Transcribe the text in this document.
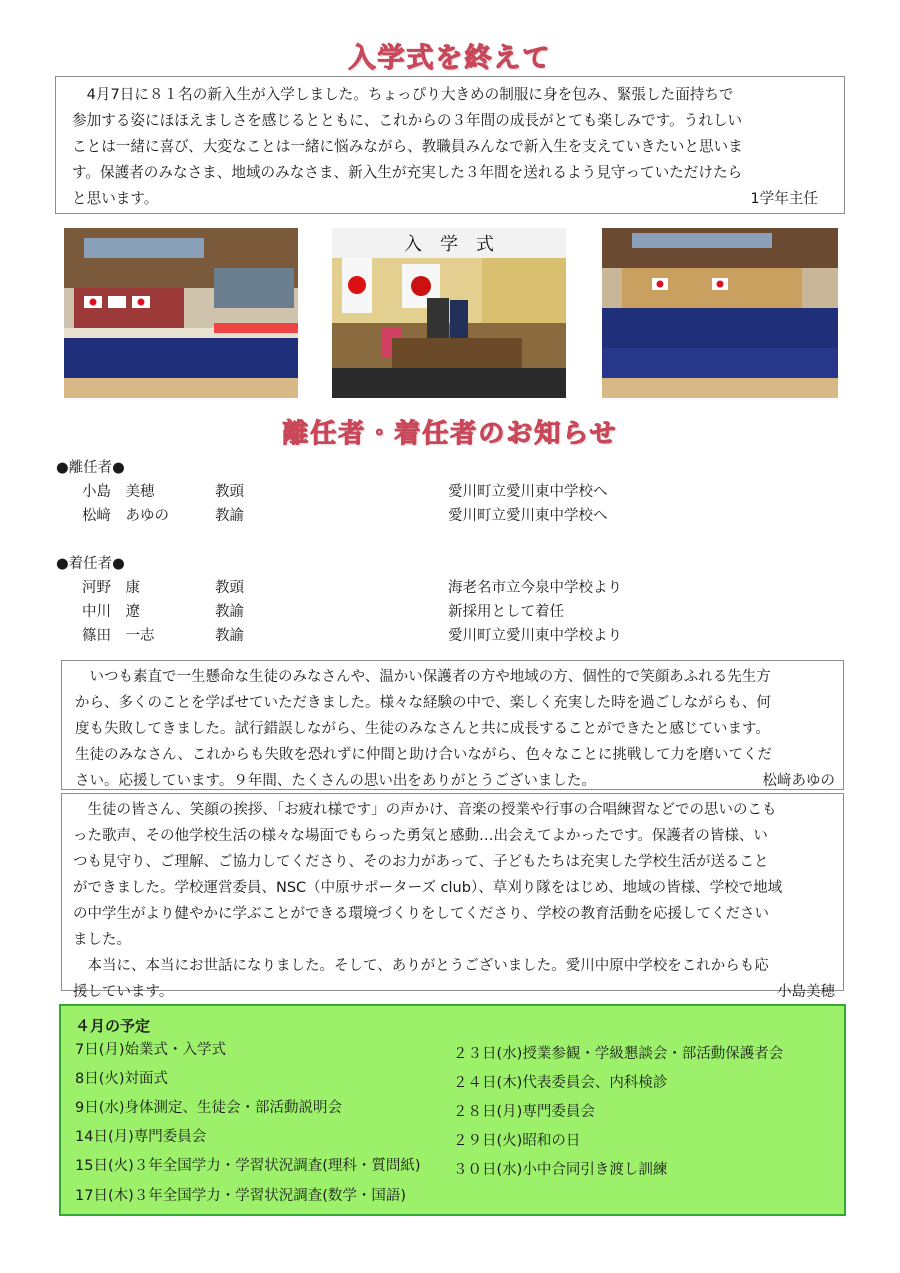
入学式を終えて

4月7日に８１名の新入生が入学しました。ちょっぴり大きめの制服に身を包み、緊張した面持ちで

参加する姿にほほえましさを感じるとともに、これからの３年間の成長がとても楽しみです。うれしい

ことは一緒に喜び、大変なことは一緒に悩みながら、教職員みんなで新入生を支えていきたいと思いま

す。保護者のみなさま、地域のみなさま、新入生が充実した３年間を送れるよう見守っていただけたら

と思います。	1学年主任

入　学　式
離任者・着任者のお知らせ
●離任者●
小島　美穂	教頭	愛川町立愛川東中学校へ
松﨑　あゆの	教諭	愛川町立愛川東中学校へ
●着任者●
河野　康	教頭	海老名市立今泉中学校より
中川　遼	教諭	新採用として着任
篠田　一志	教諭	愛川町立愛川東中学校より

いつも素直で一生懸命な生徒のみなさんや、温かい保護者の方や地域の方、個性的で笑顔あふれる先生方

から、多くのことを学ばせていただきました。様々な経験の中で、楽しく充実した時を過ごしながらも、何

度も失敗してきました。試行錯誤しながら、生徒のみなさんと共に成長することができたと感じています。

生徒のみなさん、これからも失敗を恐れずに仲間と助け合いながら、色々なことに挑戦して力を磨いてくだ

さい。応援しています。９年間、たくさんの思い出をありがとうございました。	松﨑あゆの

生徒の皆さん、笑顔の挨拶、「お疲れ様です」の声かけ、音楽の授業や行事の合唱練習などでの思いのこも

った歌声、その他学校生活の様々な場面でもらった勇気と感動…出会えてよかったです。保護者の皆様、い

つも見守り、ご理解、ご協力してくださり、そのお力があって、子どもたちは充実した学校生活が送ること

ができました。学校運営委員、NSC（中原サポーターズ club）、草刈り隊をはじめ、地域の皆様、学校で地域

の中学生がより健やかに学ぶことができる環境づくりをしてくださり、学校の教育活動を応援してください

ました。

本当に、本当にお世話になりました。そして、ありがとうございました。愛川中原中学校をこれからも応

援しています。	小島美穂

４月の予定
7日(月)始業式・入学式
8日(火)対面式
9日(水)身体測定、生徒会・部活動説明会
14日(月)専門委員会
15日(火)３年全国学力・学習状況調査(理科・質問紙)
17日(木)３年全国学力・学習状況調査(数学・国語)
２３日(水)授業参観・学級懇談会・部活動保護者会
２４日(木)代表委員会、内科検診
２８日(月)専門委員会
２９日(火)昭和の日
３０日(水)小中合同引き渡し訓練
